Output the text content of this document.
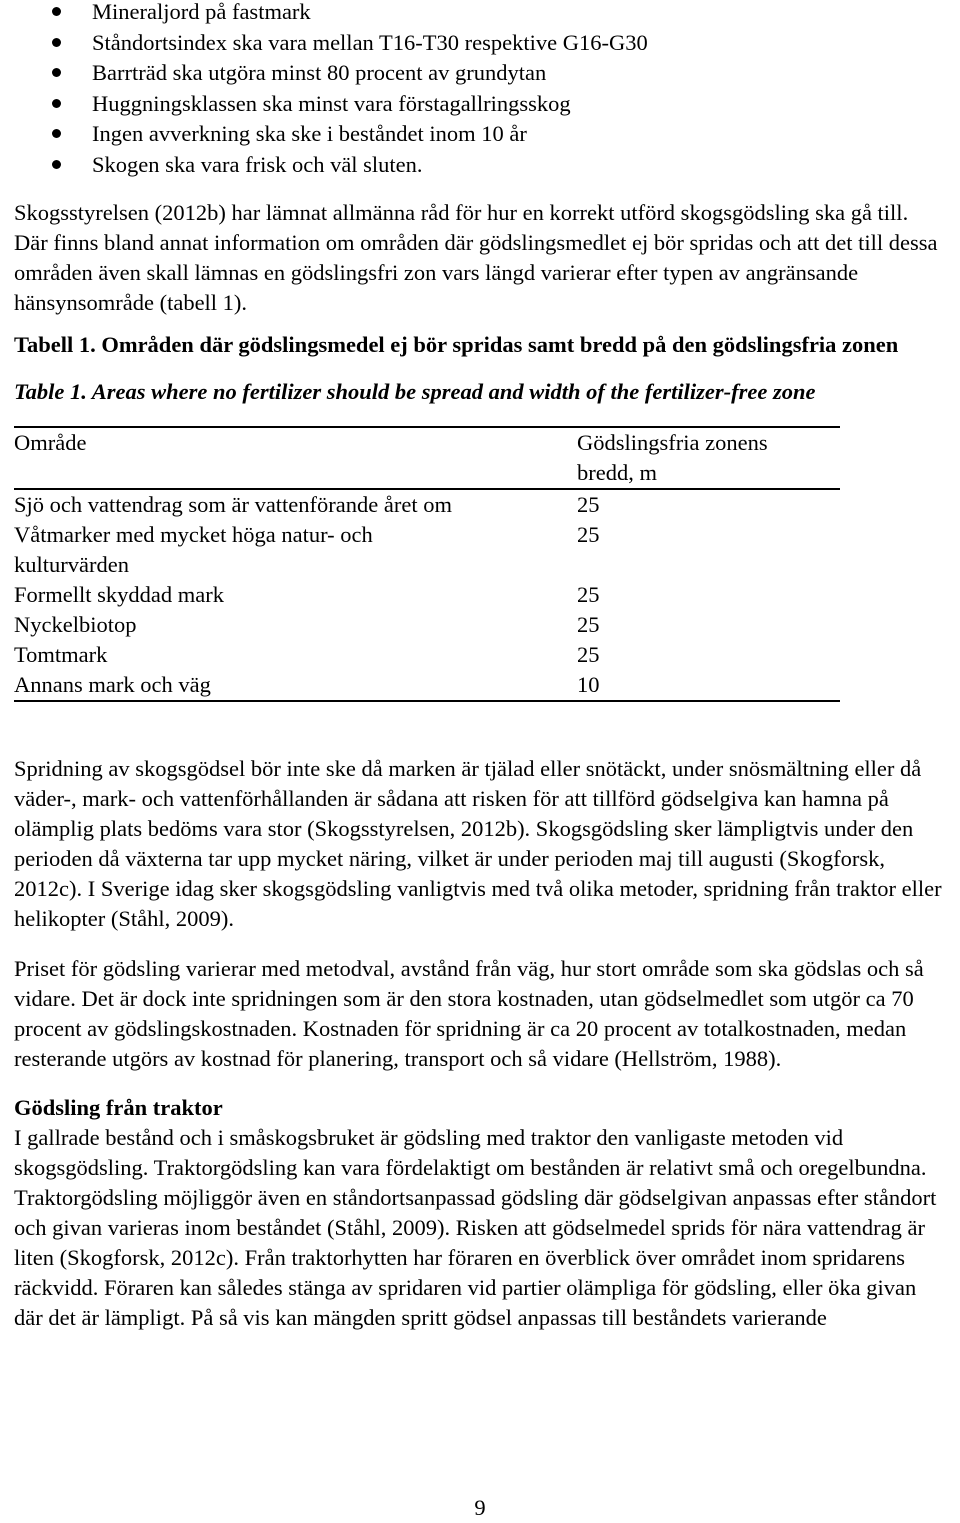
Mineraljord på fastmark
Ståndortsindex ska vara mellan T16-T30 respektive G16-G30
Barrträd ska utgöra minst 80 procent av grundytan
Huggningsklassen ska minst vara förstagallringsskog
Ingen avverkning ska ske i beståndet inom 10 år
Skogen ska vara frisk och väl sluten.

Skogsstyrelsen (2012b) har lämnat allmänna råd för hur en korrekt utförd skogsgödsling ska gå till. Där finns bland annat information om områden där gödslingsmedlet ej bör spridas och att det till dessa områden även skall lämnas en gödslingsfri zon vars längd varierar efter typen av angränsande hänsynsområde (tabell 1).

Tabell 1. Områden där gödslingsmedel ej bör spridas samt bredd på den gödslingsfria zonen

Table 1. Areas where no fertilizer should be spread and width of the fertilizer-free zone

Område	Gödslingsfria zonens bredd, m
Sjö och vattendrag som är vattenförande året om	25
Våtmarker med mycket höga natur- och kulturvärden	25
Formellt skyddad mark	25
Nyckelbiotop	25
Tomtmark	25
Annans mark och väg	10

Spridning av skogsgödsel bör inte ske då marken är tjälad eller snötäckt, under snösmältning eller då väder-, mark- och vattenförhållanden är sådana att risken för att tillförd gödselgiva kan hamna på olämplig plats bedöms vara stor (Skogsstyrelsen, 2012b). Skogsgödsling sker lämpligtvis under den perioden då växterna tar upp mycket näring, vilket är under perioden maj till augusti (Skogforsk, 2012c). I Sverige idag sker skogsgödsling vanligtvis med två olika metoder, spridning från traktor eller helikopter (Ståhl, 2009).

Priset för gödsling varierar med metodval, avstånd från väg, hur stort område som ska gödslas och så vidare. Det är dock inte spridningen som är den stora kostnaden, utan gödselmedlet som utgör ca 70 procent av gödslingskostnaden. Kostnaden för spridning är ca 20 procent av totalkostnaden, medan resterande utgörs av kostnad för planering, transport och så vidare (Hellström, 1988).

Gödsling från traktor

I gallrade bestånd och i småskogsbruket är gödsling med traktor den vanligaste metoden vid skogsgödsling. Traktorgödsling kan vara fördelaktigt om bestånden är relativt små och oregelbundna. Traktorgödsling möjliggör även en ståndortsanpassad gödsling där gödselgivan anpassas efter ståndort och givan varieras inom beståndet (Ståhl, 2009). Risken att gödselmedel sprids för nära vattendrag är liten (Skogforsk, 2012c). Från traktorhytten har föraren en överblick över området inom spridarens räckvidd. Föraren kan således stänga av spridaren vid partier olämpliga för gödsling, eller öka givan där det är lämpligt. På så vis kan mängden spritt gödsel anpassas till beståndets varierande

9
